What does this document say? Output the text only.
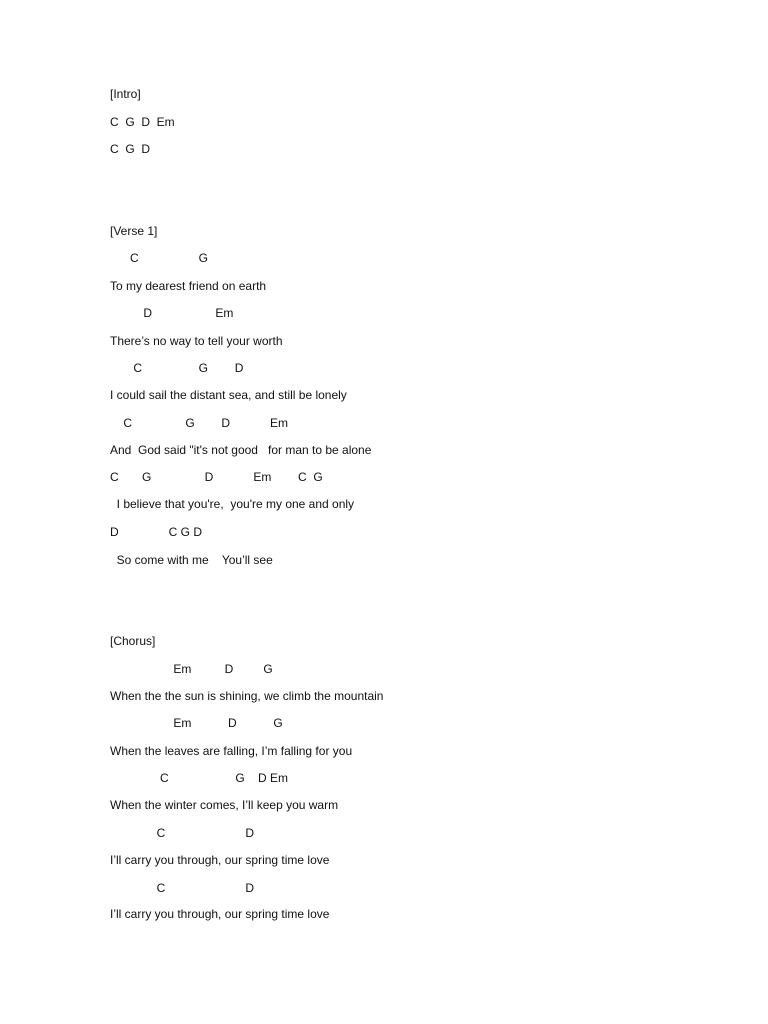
[Intro]
C  G  D  Em
C  G  D
[Verse 1]
C                  G
To my dearest friend on earth
D                   Em
There’s no way to tell your worth
C                 G        D
I could sail the distant sea, and still be lonely
C                G        D            Em
And  God said "it's not good   for man to be alone
C       G                D            Em        C  G
I believe that you're,  you're my one and only
D               C G D
So come with me    You’ll see
[Chorus]
Em          D         G
When the the sun is shining, we climb the mountain
Em           D           G
When the leaves are falling, I’m falling for you
C                    G    D Em
When the winter comes, I’ll keep you warm
C                        D
I’ll carry you through, our spring time love
C                        D
I’ll carry you through, our spring time love
